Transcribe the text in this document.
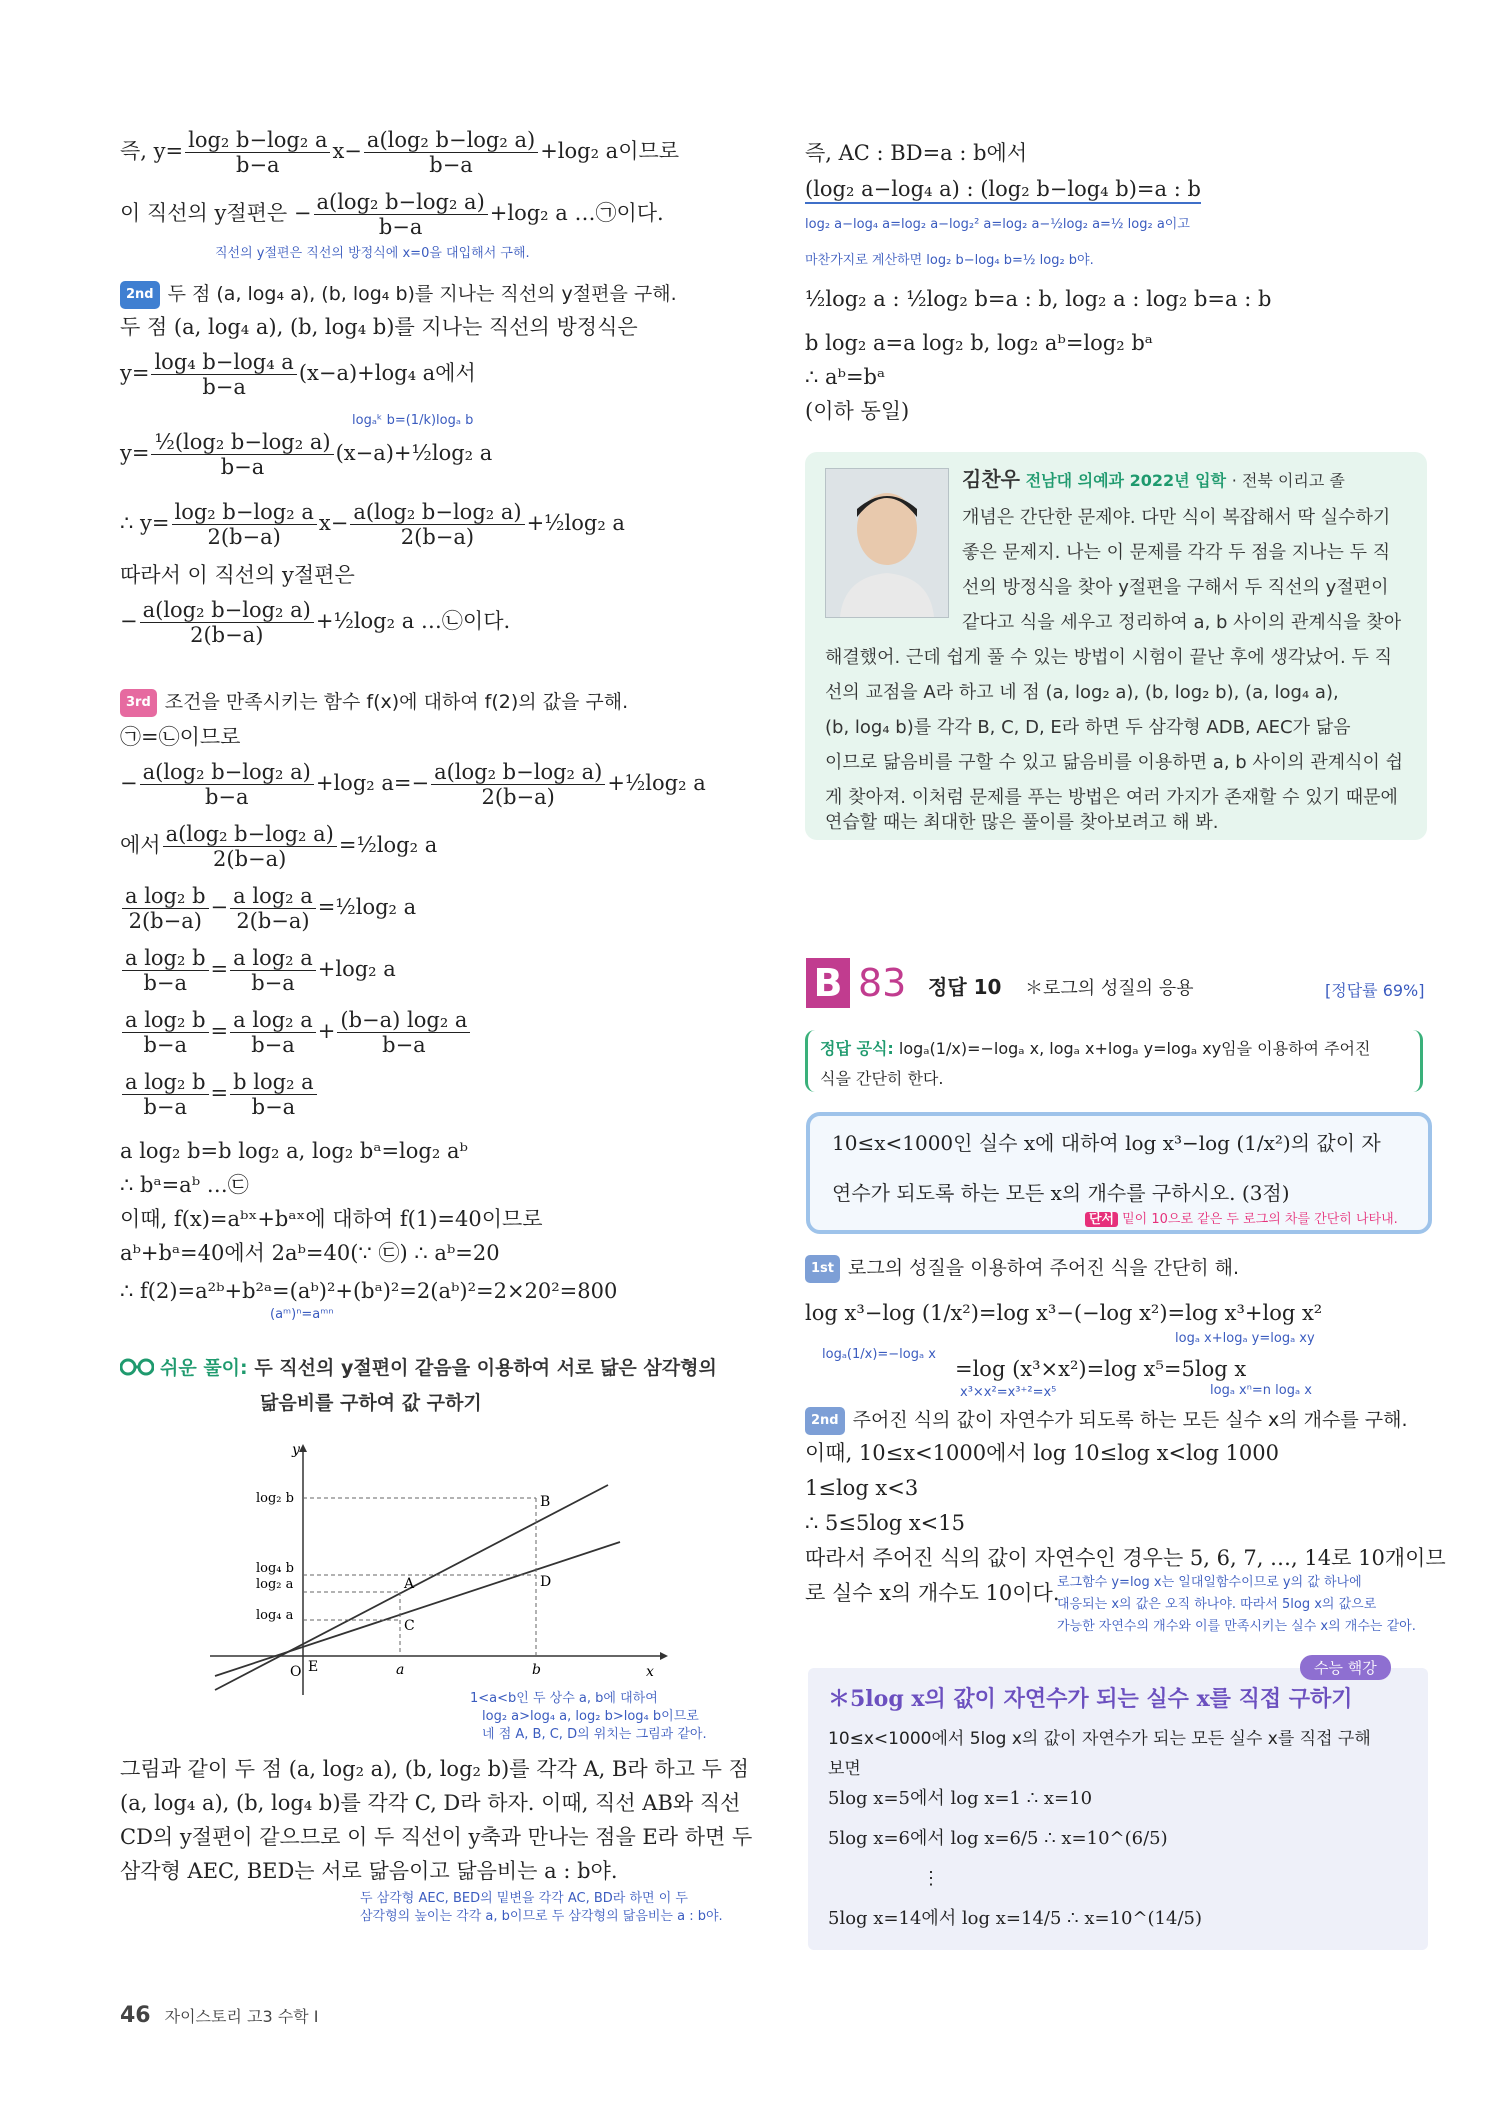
즉, $y= \frac{\text{log₂ b−log₂ a}}{b-a} x- \frac{\text{a(log₂ b−log₂ a)}}{b-a} +\log_2$ a이므로
이 직선의 y절편은 − $\frac{\text{a(log₂ b−log₂ a)}}{b-a} +\log_2$ a …㉠이다.
직선의 y절편은 직선의 방정식에 x=0을 대입해서 구해.
2nd 두 점 (a, log₄ a), (b, log₄ b)를 지나는 직선의 y절편을 구해.
두 점 (a, log₄ a), (b, log₄ b)를 지나는 직선의 방정식은
$y= \frac{\text{log₄ b−log₄ a}}{b-a} (x-a)+\log_4$ a에서
logₐᵏ b=(1/k)logₐ b
$y= \frac{\text{½(log₂ b−log₂ a)}}{b-a}$ (x−a)+½log₂ a
∴ $y= \frac{\text{log₂ b−log₂ a}}{2(b-a)} x- \frac{\text{a(log₂ b−log₂ a)}}{2(b-a)}$ +½log₂ a
따라서 이 직선의 y절편은
− $\frac{\text{a(log₂ b−log₂ a)}}{2(b-a)}$ +½log₂ a …㉡이다.
3rd 조건을 만족시키는 함수 f(x)에 대하여 f(2)의 값을 구해.
㉠=㉡이므로
− $\frac{\text{a(log₂ b−log₂ a)}}{b-a} +\log_2$ $a=- \frac{\text{a(log₂ b−log₂ a)}}{2(b-a)}$ +½log₂ a
에서 $\frac{\text{a(log₂ b−log₂ a)}}{2(b-a)}$ =½log₂ a
$\frac{\text{a log₂ b}}{2(b-a)} - \frac{\text{a log₂ a}}{2(b-a)}$ =½log₂ a
$\frac{\text{a log₂ b}}{b-a} = \frac{\text{a log₂ a}}{b-a} +\log_2$ a
$\frac{\text{a log₂ b}}{b-a} = \frac{\text{a log₂ a}}{b-a} + \frac{\text{(b−a) log₂ a}}{b-a}$
$\frac{\text{a log₂ b}}{b-a} = \frac{\text{b log₂ a}}{b-a}$
a log₂ b=b log₂ a, log₂ bᵃ=log₂ aᵇ
∴ bᵃ=aᵇ …㉢
이때, f(x)=aᵇˣ+bᵃˣ에 대하여 f(1)=40이므로
aᵇ+bᵃ=40에서 2aᵇ=40(∵ ㉢) ∴ aᵇ=20
∴ f(2)=a²ᵇ+b²ᵃ=(aᵇ)²+(bᵃ)²=2(aᵇ)²=2×20²=800
(aᵐ)ⁿ=aᵐⁿ
쉬운 풀이: 두 직선의 y절편이 같음을 이용하여 서로 닮은 삼각형의
닮음비를 구하여 값 구하기
y
x
O E
log₂ b
log₄ b
log₂ a
log₄ a
a	b
A
B
C
D
1<a<b인 두 상수 a, b에 대하여
log₂ a>log₄ a, log₂ b>log₄ b이므로
네 점 A, B, C, D의 위치는 그림과 같아.
그림과 같이 두 점 (a, log₂ a), (b, log₂ b)를 각각 A, B라 하고 두 점
(a, log₄ a), (b, log₄ b)를 각각 C, D라 하자. 이때, 직선 AB와 직선
CD의 y절편이 같으므로 이 두 직선이 y축과 만나는 점을 E라 하면 두
삼각형 AEC, BED는 서로 닮음이고 닮음비는 a : b야.
두 삼각형 AEC, BED의 밑변을 각각 AC, BD라 하면 이 두
삼각형의 높이는 각각 a, b이므로 두 삼각형의 닮음비는 a : b야.
즉, AC : BD=a : b에서
(log₂ a−log₄ a) : (log₂ b−log₄ b)=a : b
log₂ a−log₄ a=log₂ a−log₂² a=log₂ a−½log₂ a=½ log₂ a이고
마찬가지로 계산하면 log₂ b−log₄ b=½ log₂ b야.
½log₂ a : ½log₂ b=a : b, log₂ a : log₂ b=a : b
b log₂ a=a log₂ b, log₂ aᵇ=log₂ bᵃ
∴ aᵇ=bᵃ
(이하 동일)
김찬우 전남대 의예과 2022년 입학 · 전북 이리고 졸
개념은 간단한 문제야. 다만 식이 복잡해서 딱 실수하기
좋은 문제지. 나는 이 문제를 각각 두 점을 지나는 두 직
선의 방정식을 찾아 y절편을 구해서 두 직선의 y절편이
같다고 식을 세우고 정리하여 a, b 사이의 관계식을 찾아
해결했어. 근데 쉽게 풀 수 있는 방법이 시험이 끝난 후에 생각났어. 두 직
선의 교점을 A라 하고 네 점 (a, log₂ a), (b, log₂ b), (a, log₄ a),
(b, log₄ b)를 각각 B, C, D, E라 하면 두 삼각형 ADB, AEC가 닮음
이므로 닮음비를 구할 수 있고 닮음비를 이용하면 a, b 사이의 관계식이 쉽
게 찾아져. 이처럼 문제를 푸는 방법은 여러 가지가 존재할 수 있기 때문에
연습할 때는 최대한 많은 풀이를 찾아보려고 해 봐.
B 83 정답 10 ＊로그의 성질의 응용	[정답률 69%]
정답 공식: logₐ(1/x)=−logₐ x, logₐ x+logₐ y=logₐ xy임을 이용하여 주어진
식을 간단히 한다.
10≤x<1000인 실수 x에 대하여 log x³−log (1/x²)의 값이 자
연수가 되도록 하는 모든 x의 개수를 구하시오. (3점)
단서 밑이 10으로 같은 두 로그의 차를 간단히 나타내.
1st 로그의 성질을 이용하여 주어진 식을 간단히 해.
log x³−log (1/x²)=log x³−(−log x²)=log x³+log x²
logₐ(1/x)=−logₐ x
logₐ x+logₐ y=logₐ xy
=log (x³×x²)=log x⁵=5log x
x³×x²=x³⁺²=x⁵	logₐ xⁿ=n logₐ x
2nd 주어진 식의 값이 자연수가 되도록 하는 모든 실수 x의 개수를 구해.
이때, 10≤x<1000에서 log 10≤log x<log 1000
1≤log x<3
∴ 5≤5log x<15
따라서 주어진 식의 값이 자연수인 경우는 5, 6, 7, …, 14로 10개이므
로 실수 x의 개수도 10이다.
로그함수 y=log x는 일대일함수이므로 y의 값 하나에
대응되는 x의 값은 오직 하나야. 따라서 5log x의 값으로
가능한 자연수의 개수와 이를 만족시키는 실수 x의 개수는 같아.
수능 핵강
＊5log x의 값이 자연수가 되는 실수 x를 직접 구하기
10≤x<1000에서 5log x의 값이 자연수가 되는 모든 실수 x를 직접 구해
보면
5log x=5에서 log x=1 ∴ x=10
5log x=6에서 log x=6/5 ∴ x=10^(6/5)
⋮
5log x=14에서 log x=14/5 ∴ x=10^(14/5)
46 자이스토리 고3 수학 I
